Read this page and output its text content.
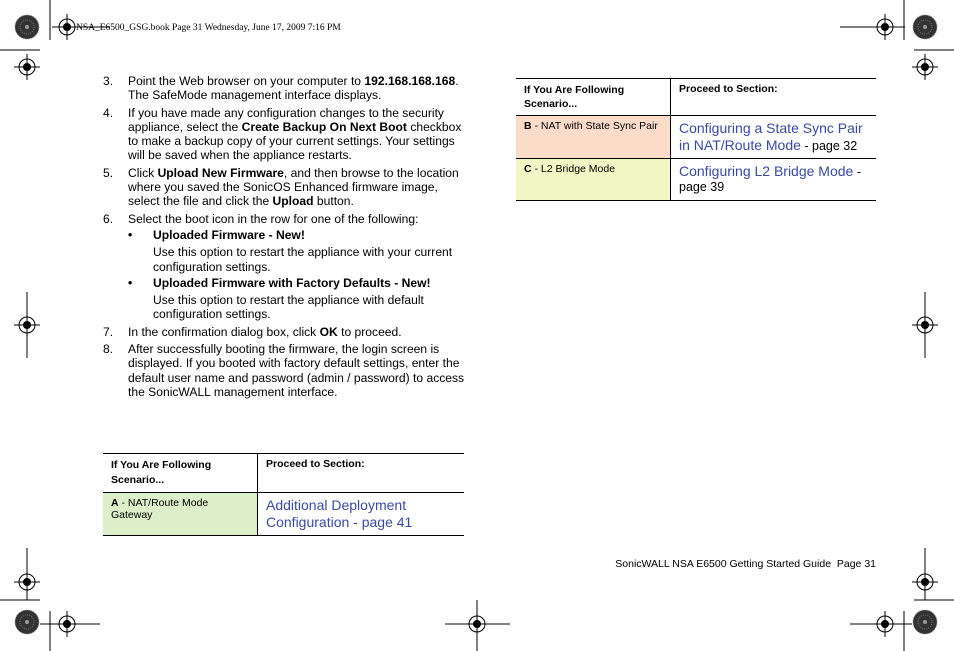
NSA_E6500_GSG.book Page 31 Wednesday, June 17, 2009 7:16 PM
3. Point the Web browser on your computer to 192.168.168.168. The SafeMode management interface displays.
4. If you have made any configuration changes to the security appliance, select the Create Backup On Next Boot checkbox to make a backup copy of your current settings. Your settings will be saved when the appliance restarts.
5. Click Upload New Firmware, and then browse to the location where you saved the SonicOS Enhanced firmware image, select the file and click the Upload button.
6. Select the boot icon in the row for one of the following:
• Uploaded Firmware - New!
Use this option to restart the appliance with your current configuration settings.
• Uploaded Firmware with Factory Defaults - New!
Use this option to restart the appliance with default configuration settings.
7. In the confirmation dialog box, click OK to proceed.
8. After successfully booting the firmware, the login screen is displayed. If you booted with factory default settings, enter the default user name and password (admin / password) to access the SonicWALL management interface.
If You Are Following Scenario...	Proceed to Section:
A - NAT/Route Mode Gateway	Additional Deployment Configuration - page 41
If You Are Following Scenario...	Proceed to Section:
B - NAT with State Sync Pair	Configuring a State Sync Pair in NAT/Route Mode - page 32
C - L2 Bridge Mode	Configuring L2 Bridge Mode - page 39
SonicWALL NSA E6500 Getting Started Guide Page 31
